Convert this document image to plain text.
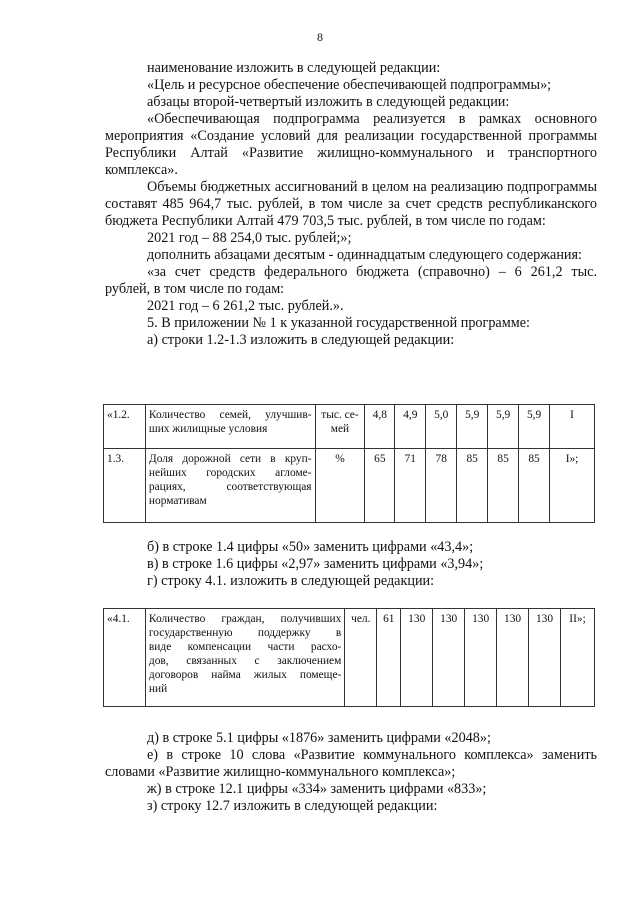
8

наименование изложить в следующей редакции:

«Цель и ресурсное обеспечение обеспечивающей подпрограммы»;

абзацы второй-четвертый изложить в следующей редакции:

«Обеспечивающая подпрограмма реализуется в рамках основного мероприятия «Создание условий для реализации государственной программы Республики Алтай «Развитие жилищно-коммунального и транспортного комплекса».

Объемы бюджетных ассигнований в целом на реализацию подпрограммы составят 485 964,7 тыс. рублей, в том числе за счет средств республиканского бюджета Республики Алтай 479 703,5 тыс. рублей, в том числе по годам:

2021 год – 88 254,0 тыс. рублей;»;

дополнить абзацами десятым - одиннадцатым следующего содержания:

«за счет средств федерального бюджета (справочно) – 6 261,2 тыс. рублей, в том числе по годам:

2021 год – 6 261,2 тыс. рублей.».

5. В приложении № 1 к указанной государственной программе:

а) строки 1.2-1.3 изложить в следующей редакции:

«1.2.	Количество семей, улучшив-
ших жилищные условия	тыс. се-мей	4,8	4,9	5,0	5,9	5,9	5,9	I
1.3.	Доля дорожной сети в круп-
нейших городских агломе-
рациях, соответствующая
нормативам	%	65	71	78	85	85	85	I»;

б) в строке 1.4 цифры «50» заменить цифрами «43,4»;

в) в строке 1.6 цифры «2,97» заменить цифрами «3,94»;

г) строку 4.1. изложить в следующей редакции:

«4.1.	Количество граждан, получивших
государственную поддержку в
виде компенсации части расхо-
дов, связанных с заключением
договоров найма жилых помеще-
ний
	чел.	61	130	130	130	130	130	II»;

д) в строке 5.1 цифры «1876» заменить цифрами «2048»;

е) в строке 10 слова «Развитие коммунального комплекса» заменить словами «Развитие жилищно-коммунального комплекса»;

ж) в строке 12.1 цифры «334» заменить цифрами «833»;

з) строку 12.7 изложить в следующей редакции:
